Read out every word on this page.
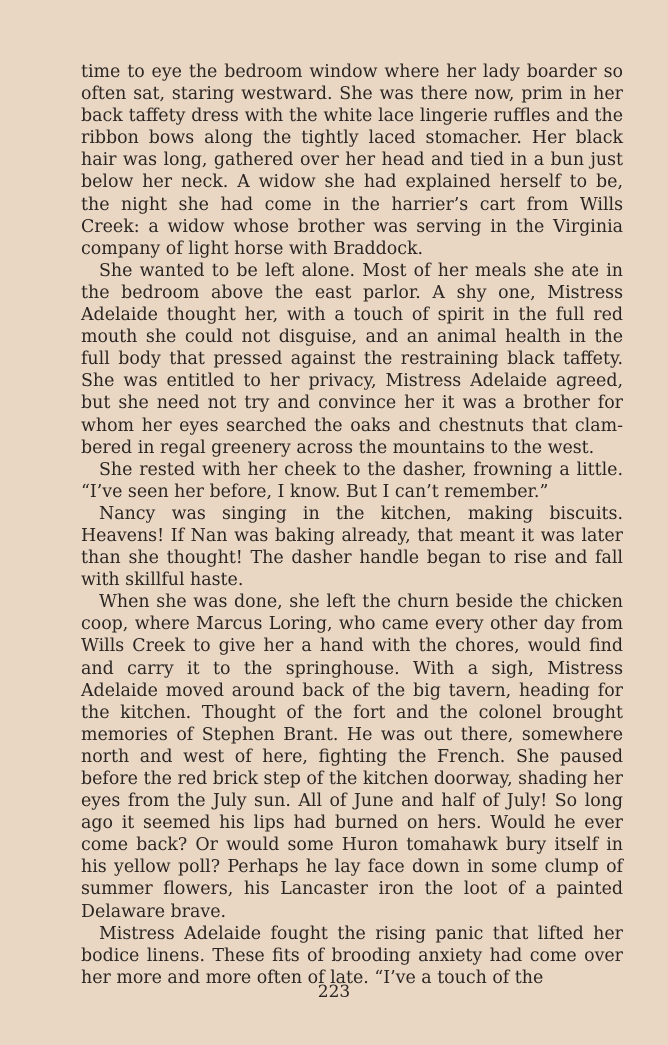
time to eye the bedroom window where her lady boarder so often sat, staring westward. She was there now, prim in her back taffety dress with the white lace lingerie ruffles and the ribbon bows along the tightly laced stomacher. Her black hair was long, gathered over her head and tied in a bun just below her neck. A widow she had explained herself to be, the night she had come in the harrier’s cart from Wills Creek: a widow whose brother was serving in the Virginia company of light horse with Braddock.

She wanted to be left alone. Most of her meals she ate in the bedroom above the east parlor. A shy one, Mistress Adelaide thought her, with a touch of spirit in the full red mouth she could not disguise, and an animal health in the full body that pressed against the restraining black taffety. She was entitled to her privacy, Mistress Adelaide agreed, but she need not try and convince her it was a brother for whom her eyes searched the oaks and chestnuts that clambered in regal greenery across the mountains to the west.

She rested with her cheek to the dasher, frowning a little. “I’ve seen her before, I know. But I can’t remember.”

Nancy was singing in the kitchen, making biscuits. Heavens! If Nan was baking already, that meant it was later than she thought! The dasher handle began to rise and fall with skillful haste.

When she was done, she left the churn beside the chicken coop, where Marcus Loring, who came every other day from Wills Creek to give her a hand with the chores, would find and carry it to the springhouse. With a sigh, Mistress Adelaide moved around back of the big tavern, heading for the kitchen. Thought of the fort and the colonel brought memories of Stephen Brant. He was out there, somewhere north and west of here, fighting the French. She paused before the red brick step of the kitchen doorway, shading her eyes from the July sun. All of June and half of July! So long ago it seemed his lips had burned on hers. Would he ever come back? Or would some Huron tomahawk bury itself in his yellow poll? Perhaps he lay face down in some clump of summer flowers, his Lancaster iron the loot of a painted Delaware brave.

Mistress Adelaide fought the rising panic that lifted her bodice linens. These fits of brooding anxiety had come over her more and more often of late. “I’ve a touch of the

223
